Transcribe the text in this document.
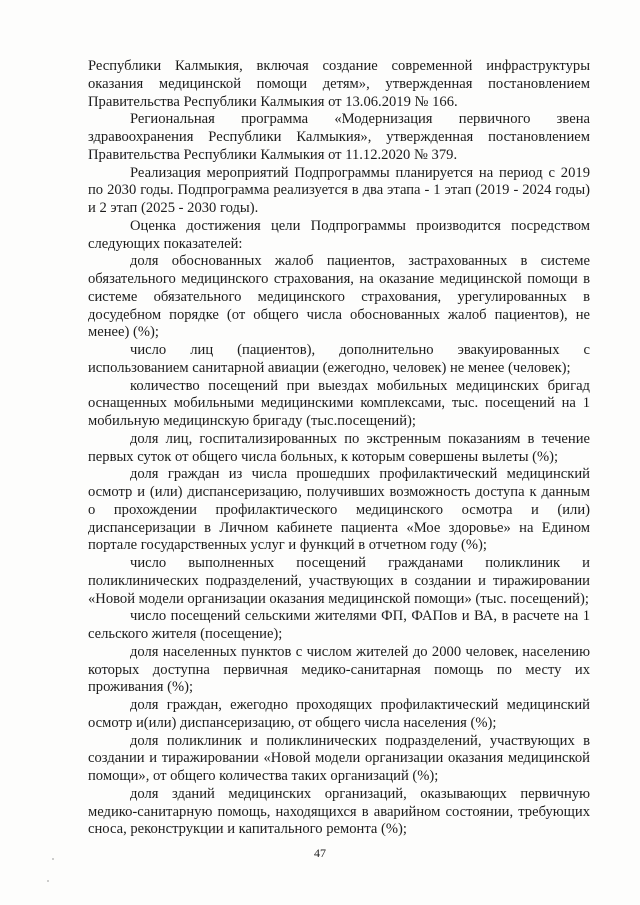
Республики Калмыкия, включая создание современной инфраструктуры оказания медицинской помощи детям», утвержденная постановлением Правительства Республики Калмыкия от 13.06.2019 № 166.

Региональная программа «Модернизация первичного звена здравоохранения Республики Калмыкия», утвержденная постановлением Правительства Республики Калмыкия от 11.12.2020 № 379.

Реализация мероприятий Подпрограммы планируется на период с 2019 по 2030 годы. Подпрограмма реализуется в два этапа - 1 этап (2019 - 2024 годы) и 2 этап (2025 - 2030 годы).

Оценка достижения цели Подпрограммы производится посредством следующих показателей:

доля обоснованных жалоб пациентов, застрахованных в системе обязательного медицинского страхования, на оказание медицинской помощи в системе обязательного медицинского страхования, урегулированных в досудебном порядке (от общего числа обоснованных жалоб пациентов), не менее) (%);

число лиц (пациентов), дополнительно эвакуированных с использованием санитарной авиации (ежегодно, человек) не менее (человек);

количество посещений при выездах мобильных медицинских бригад оснащенных мобильными медицинскими комплексами, тыс. посещений на 1 мобильную медицинскую бригаду (тыс.посещений);

доля лиц, госпитализированных по экстренным показаниям в течение первых суток от общего числа больных, к которым совершены вылеты (%);

доля граждан из числа прошедших профилактический медицинский осмотр и (или) диспансеризацию, получивших возможность доступа к данным о прохождении профилактического медицинского осмотра и (или) диспансеризации в Личном кабинете пациента «Мое здоровье» на Едином портале государственных услуг и функций в отчетном году (%);

число выполненных посещений гражданами поликлиник и поликлинических подразделений, участвующих в создании и тиражировании «Новой модели организации оказания медицинской помощи» (тыс. посещений);

число посещений сельскими жителями ФП, ФАПов и ВА, в расчете на 1 сельского жителя (посещение);

доля населенных пунктов с числом жителей до 2000 человек, населению которых доступна первичная медико-санитарная помощь по месту их проживания (%);

доля граждан, ежегодно проходящих профилактический медицинский осмотр и(или) диспансеризацию, от общего числа населения (%);

доля поликлиник и поликлинических подразделений, участвующих в создании и тиражировании «Новой модели организации оказания медицинской помощи», от общего количества таких организаций (%);

доля зданий медицинских организаций, оказывающих первичную медико-санитарную помощь, находящихся в аварийном состоянии, требующих сноса, реконструкции и капитального ремонта (%);

47
